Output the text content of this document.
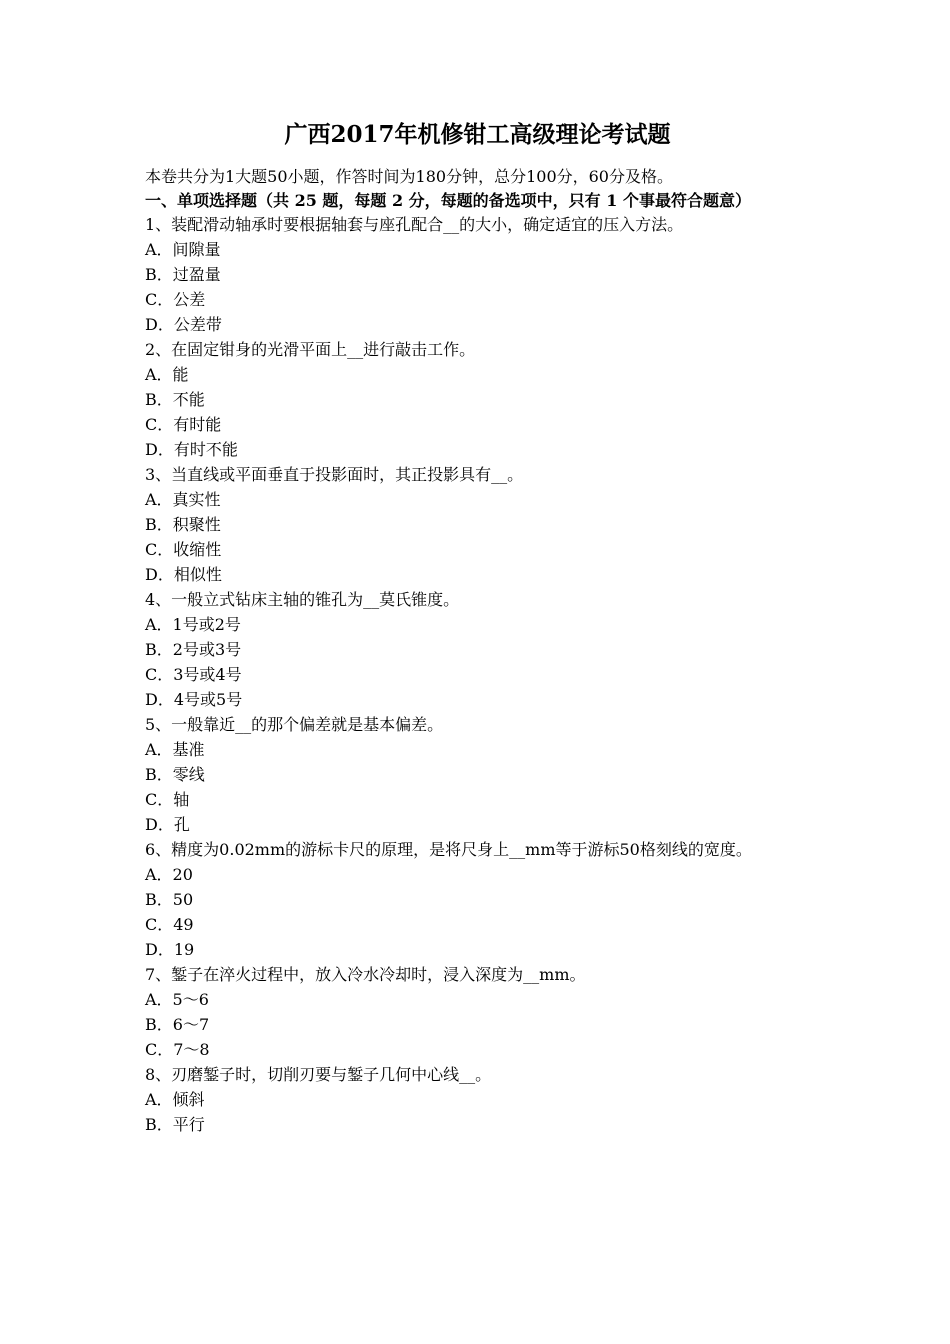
广西2017年机修钳工高级理论考试题
本卷共分为1大题50小题，作答时间为180分钟，总分100分，60分及格。
一、单项选择题（共 25 题，每题 2 分，每题的备选项中，只有 1 个事最符合题意）
1、装配滑动轴承时要根据轴套与座孔配合__的大小，确定适宜的压入方法。
A．间隙量
B．过盈量
C．公差
D．公差带
2、在固定钳身的光滑平面上__进行敲击工作。
A．能
B．不能
C．有时能
D．有时不能
3、当直线或平面垂直于投影面时，其正投影具有__。
A．真实性
B．积聚性
C．收缩性
D．相似性
4、一般立式钻床主轴的锥孔为__莫氏锥度。
A．1号或2号
B．2号或3号
C．3号或4号
D．4号或5号
5、一般靠近__的那个偏差就是基本偏差。
A．基准
B．零线
C．轴
D．孔
6、精度为0.02mm的游标卡尺的原理，是将尺身上__mm等于游标50格刻线的宽度。
A．20
B．50
C．49
D．19
7、錾子在淬火过程中，放入冷水冷却时，浸入深度为__mm。
A．5～6
B．6～7
C．7～8
8、刃磨錾子时，切削刃要与錾子几何中心线__。
A．倾斜
B．平行
